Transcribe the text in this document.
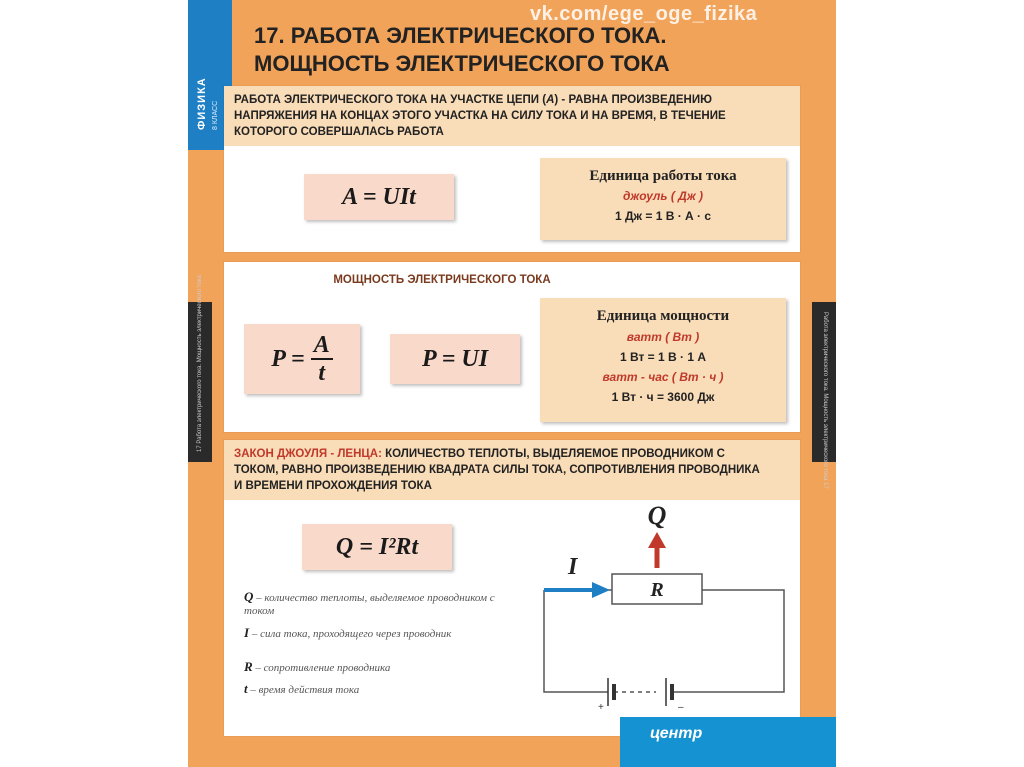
ФИЗИКА 8 КЛАСС
17 Работа электрического тока. Мощность электрического тока	Работа электрического тока. Мощность электрического тока 17
vk.com/ege_oge_fizika
17. РАБОТА ЭЛЕКТРИЧЕСКОГО ТОКА.
МОЩНОСТЬ ЭЛЕКТРИЧЕСКОГО ТОКА
РАБОТА ЭЛЕКТРИЧЕСКОГО ТОКА НА УЧАСТКЕ ЦЕПИ (A) - РАВНА ПРОИЗВЕДЕНИЮ НАПРЯЖЕНИЯ НА КОНЦАХ ЭТОГО УЧАСТКА НА СИЛУ ТОКА И НА ВРЕМЯ, В ТЕЧЕНИЕ КОТОРОГО СОВЕРШАЛАСЬ РАБОТА
A = UIt
Единица работы тока
джоуль ( Дж )
1 Дж = 1 В · А · с
МОЩНОСТЬ ЭЛЕКТРИЧЕСКОГО ТОКА
$P = \frac{A}{t}$	P = UI
Единица мощности
ватт ( Вт )
1 Вт = 1 В · 1 А
ватт - час ( Вт · ч )
1 Вт · ч = 3600 Дж
ЗАКОН ДЖОУЛЯ - ЛЕНЦА: КОЛИЧЕСТВО ТЕПЛОТЫ, ВЫДЕЛЯЕМОЕ ПРОВОДНИКОМ С ТОКОМ, РАВНО ПРОИЗВЕДЕНИЮ КВАДРАТА СИЛЫ ТОКА, СОПРОТИВЛЕНИЯ ПРОВОДНИКА И ВРЕМЕНИ ПРОХОЖДЕНИЯ ТОКА
Q = I²Rt
Q – количество теплоты, выделяемое проводником с током
I – сила тока, проходящего через проводник
R – сопротивление проводника
t – время действия тока
R
+	–
I
Q
центр
